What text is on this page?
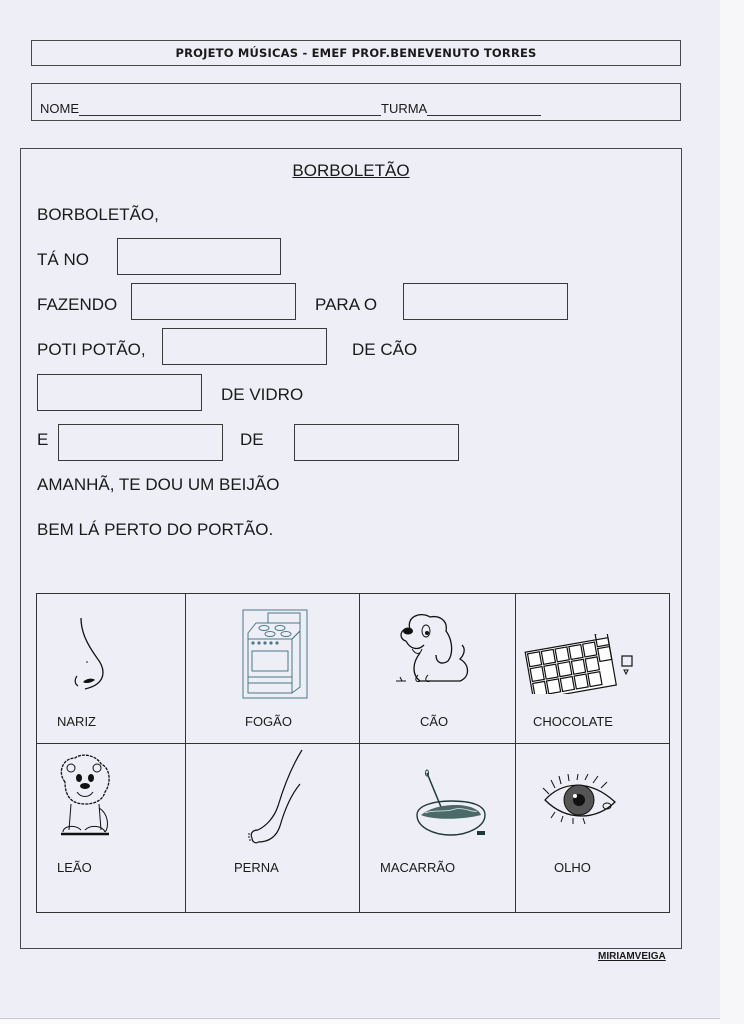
PROJETO MÚSICAS - EMEF PROF.BENEVENUTO TORRES
NOME	TURMA
BORBOLETÃO
BORBOLETÃO,
TÁ NO
FAZENDO	PARA O
POTI POTÃO,	DE CÃO
DE VIDRO
E	DE
AMANHÃ, TE DOU UM BEIJÃO
BEM LÁ PERTO DO PORTÃO.
NARIZ	FOGÃO	CÃO	CHOCOLATE
LEÃO	PERNA	MACARRÃO	OLHO
MIRIAMVEIGA
